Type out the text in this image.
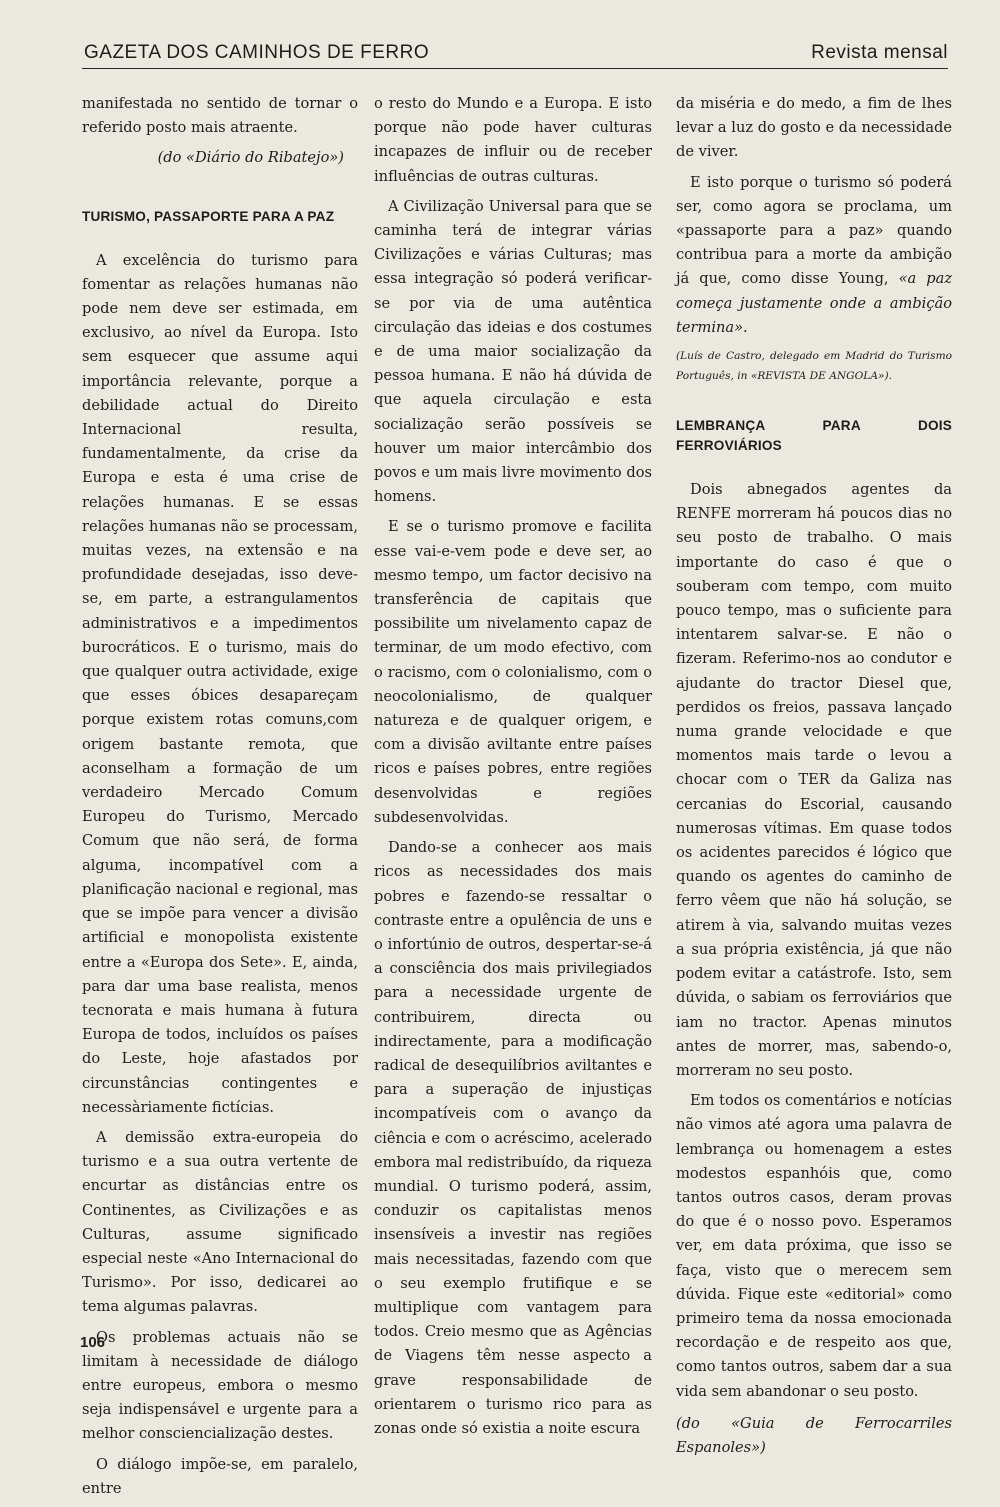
GAZETA DOS CAMINHOS DE FERRO	Revista mensal

manifestada no sentido de tornar o referido posto mais atraente.

(do «Diário do Ribatejo»)

TURISMO, PASSAPORTE PARA A PAZ

A excelência do turismo para fomentar as relações humanas não pode nem deve ser estimada, em exclusivo, ao nível da Europa. Isto sem esquecer que assume aqui importância relevante, porque a debilidade actual do Direito Internacional resulta, fundamentalmente, da crise da Europa e esta é uma crise de relações humanas. E se essas relações humanas não se processam, muitas vezes, na extensão e na profundidade desejadas, isso deve-se, em parte, a estrangulamentos administrativos e a impedimentos burocráticos. E o turismo, mais do que qualquer outra actividade, exige que esses óbices desapareçam porque existem rotas comuns,com origem bastante remota, que aconselham a formação de um verdadeiro Mercado Comum Europeu do Turismo, Mercado Comum que não será, de forma alguma, incompatível com a planificação nacional e regional, mas que se impõe para vencer a divisão artificial e monopolista existente entre a «Europa dos Sete». E, ainda, para dar uma base realista, menos tecnorata e mais humana à futura Europa de todos, incluídos os países do Leste, hoje afastados por circunstâncias contingentes e necessàriamente fictícias.

A demissão extra-europeia do turismo e a sua outra vertente de encurtar as distâncias entre os Continentes, as Civilizações e as Culturas, assume significado especial neste «Ano Internacional do Turismo». Por isso, dedicarei ao tema algumas palavras.

Os problemas actuais não se limitam à necessidade de diálogo entre europeus, embora o mesmo seja indispensável e urgente para a melhor consciencialização destes.

O diálogo impõe-se, em paralelo, entre

o resto do Mundo e a Europa. E isto porque não pode haver culturas incapazes de influir ou de receber influências de outras culturas.

A Civilização Universal para que se caminha terá de integrar várias Civilizações e várias Culturas; mas essa integração só poderá verificar-se por via de uma autêntica circulação das ideias e dos costumes e de uma maior socialização da pessoa humana. E não há dúvida de que aquela circulação e esta socialização serão possíveis se houver um maior intercâmbio dos povos e um mais livre movimento dos homens.

E se o turismo promove e facilita esse vai-e-vem pode e deve ser, ao mesmo tempo, um factor decisivo na transferência de capitais que possibilite um nivelamento capaz de terminar, de um modo efectivo, com o racismo, com o colonialismo, com o neocolonialismo, de qualquer natureza e de qualquer origem, e com a divisão aviltante entre países ricos e países pobres, entre regiões desenvolvidas e regiões subdesenvolvidas.

Dando-se a conhecer aos mais ricos as necessidades dos mais pobres e fazendo-se ressaltar o contraste entre a opulência de uns e o infortúnio de outros, despertar-se-á a consciência dos mais privilegiados para a necessidade urgente de contribuirem, directa ou indirectamente, para a modificação radical de desequilíbrios aviltantes e para a superação de injustiças incompatíveis com o avanço da ciência e com o acréscimo, acelerado embora mal redistribuído, da riqueza mundial. O turismo poderá, assim, conduzir os capitalistas menos insensíveis a investir nas regiões mais necessitadas, fazendo com que o seu exemplo frutifique e se multiplique com vantagem para todos. Creio mesmo que as Agências de Viagens têm nesse aspecto a grave responsabilidade de orientarem o turismo rico para as zonas onde só existia a noite escura

da miséria e do medo, a fim de lhes levar a luz do gosto e da necessidade de viver.

E isto porque o turismo só poderá ser, como agora se proclama, um «passaporte para a paz» quando contribua para a morte da ambição já que, como disse Young, «a paz começa justamente onde a ambição termina».

(Luís de Castro, delegado em Madrid do Turismo Português, in «REVISTA DE ANGOLA»).

LEMBRANÇA PARA DOIS FERROVIÁRIOS

Dois abnegados agentes da RENFE morreram há poucos dias no seu posto de trabalho. O mais importante do caso é que o souberam com tempo, com muito pouco tempo, mas o suficiente para intentarem salvar-se. E não o fizeram. Referimo-nos ao condutor e ajudante do tractor Diesel que, perdidos os freios, passava lançado numa grande velocidade e que momentos mais tarde o levou a chocar com o TER da Galiza nas cercanias do Escorial, causando numerosas vítimas. Em quase todos os acidentes parecidos é lógico que quando os agentes do caminho de ferro vêem que não há solução, se atirem à via, salvando muitas vezes a sua própria existência, já que não podem evitar a catástrofe. Isto, sem dúvida, o sabiam os ferroviários que iam no tractor. Apenas minutos antes de morrer, mas, sabendo-o, morreram no seu posto.

Em todos os comentários e notícias não vimos até agora uma palavra de lembrança ou homenagem a estes modestos espanhóis que, como tantos outros casos, deram provas do que é o nosso povo. Esperamos ver, em data próxima, que isso se faça, visto que o merecem sem dúvida. Fique este «editorial» como primeiro tema da nossa emocionada recordação e de respeito aos que, como tantos outros, sabem dar a sua vida sem abandonar o seu posto.

(do «Guia de Ferrocarriles Espanoles»)

106
